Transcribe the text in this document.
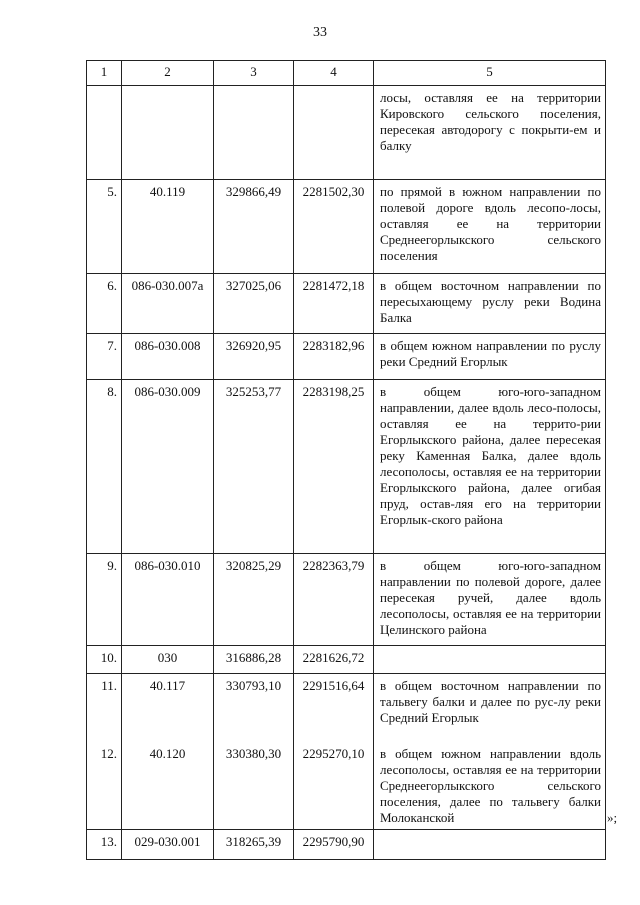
33
1	2	3	4	5
				лосы, оставляя ее на территории Кировского сельского поселения, пересекая автодорогу с покрыти-ем и балку
5.	40.119	329866,49	2281502,30	по прямой в южном направлении по полевой дороге вдоль лесопо-лосы, оставляя ее на территории Среднеегорлыкского сельского поселения
6.	086-030.007а	327025,06	2281472,18	в общем восточном направлении по пересыхающему руслу реки Водина Балка
7.	086-030.008	326920,95	2283182,96	в общем южном направлении по руслу реки Средний Егорлык
8.	086-030.009	325253,77	2283198,25	в общем юго-юго-западном направлении, далее вдоль лесо-полосы, оставляя ее на террито-рии Егорлыкского района, далее пересекая реку Каменная Балка, далее вдоль лесополосы, оставляя ее на территории Егорлыкского района, далее огибая пруд, остав-ляя его на территории Егорлык-ского района
9.	086-030.010	320825,29	2282363,79	в общем юго-юго-западном направлении по полевой дороге, далее пересекая ручей, далее вдоль лесополосы, оставляя ее на территории Целинского района
10.	030	316886,28	2281626,72	
11.	40.117	330793,10	2291516,64	в общем восточном направлении по тальвегу балки и далее по рус-лу реки Средний Егорлык
12.	40.120	330380,30	2295270,10	в общем южном направлении вдоль лесополосы, оставляя ее на территории Среднеегорлыкского сельского поселения, далее по тальвегу балки Молоканской
13.	029-030.001	318265,39	2295790,90	
»;
